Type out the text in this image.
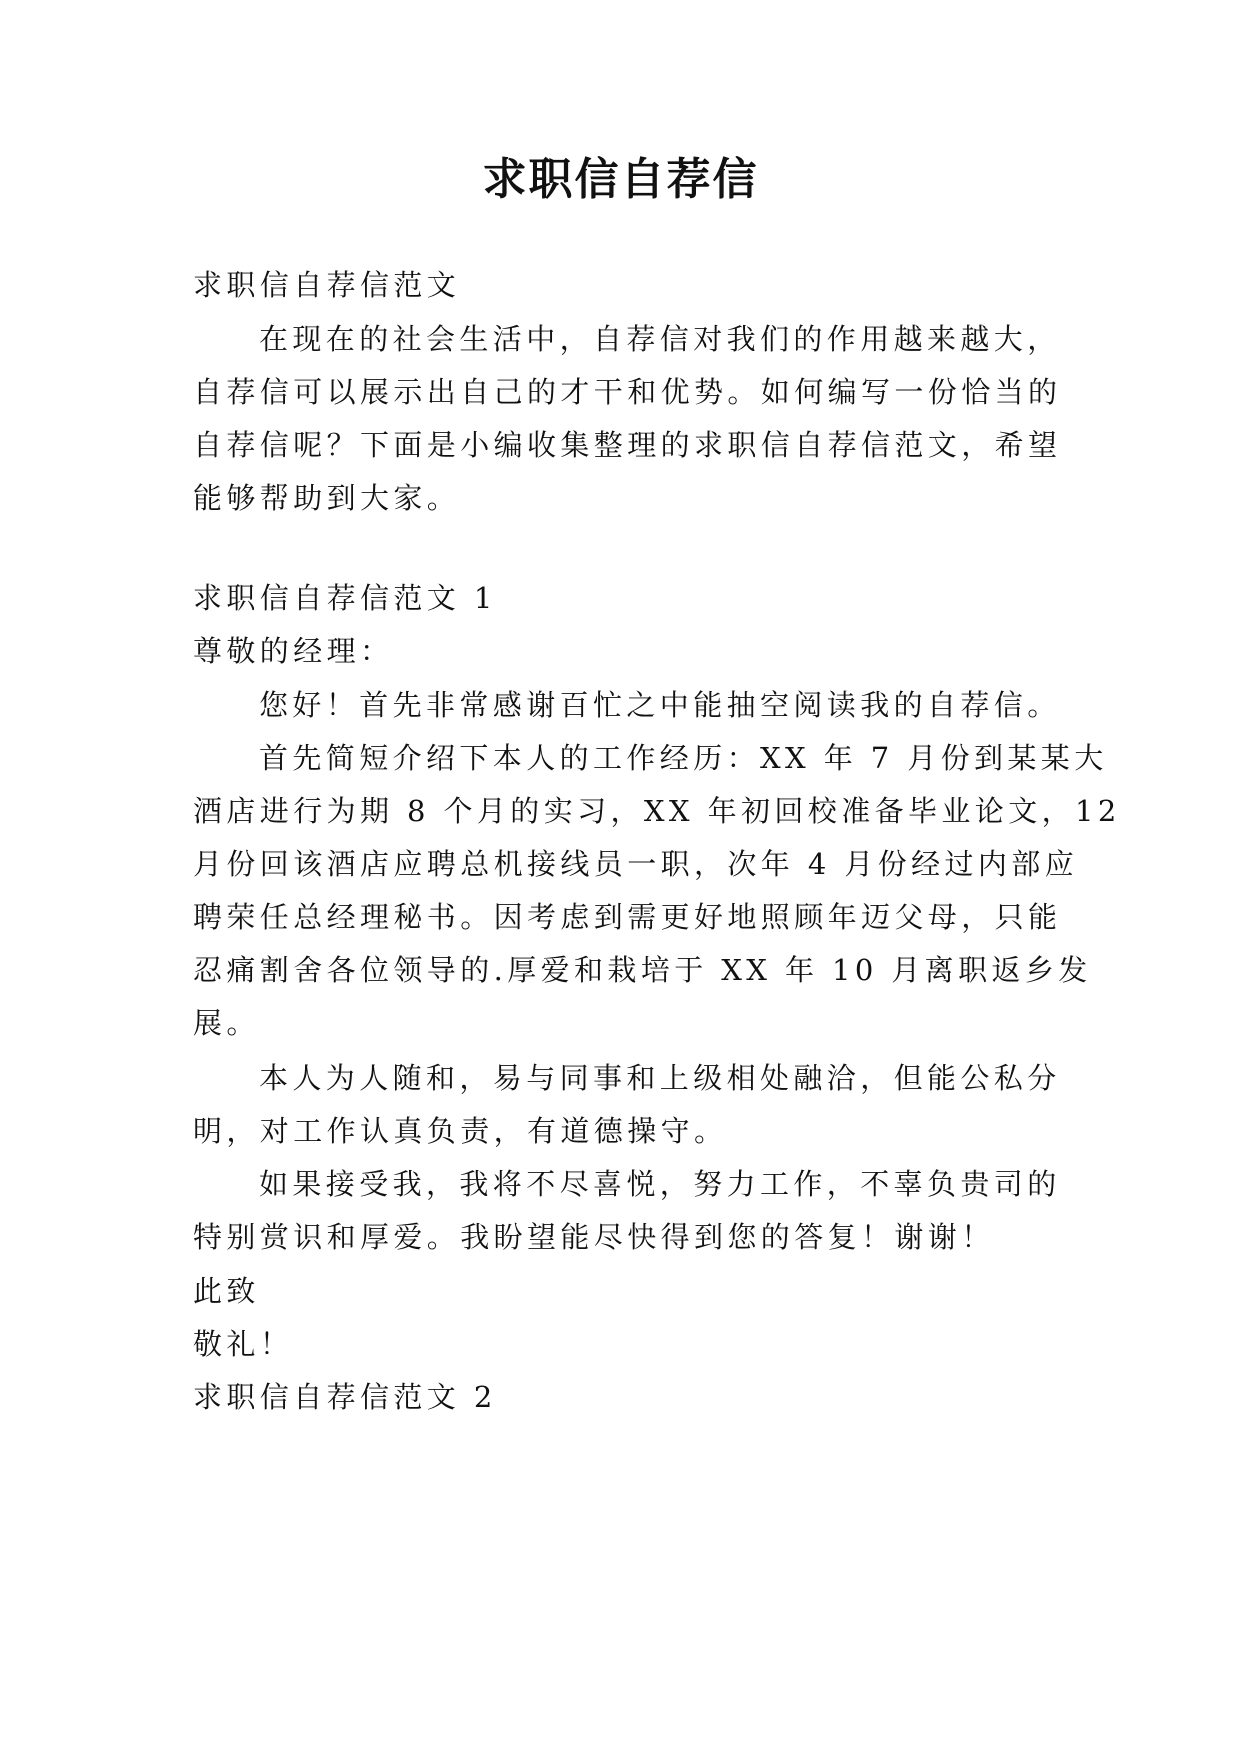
求职信自荐信

求职信自荐信范文

在现在的社会生活中，自荐信对我们的作用越来越大，

自荐信可以展示出自己的才干和优势。如何编写一份恰当的

自荐信呢？下面是小编收集整理的求职信自荐信范文，希望

能够帮助到大家。

求职信自荐信范文 1

尊敬的经理：

您好！首先非常感谢百忙之中能抽空阅读我的自荐信。

首先简短介绍下本人的工作经历：XX 年 7 月份到某某大

酒店进行为期 8 个月的实习，XX 年初回校准备毕业论文，12

月份回该酒店应聘总机接线员一职，次年 4 月份经过内部应

聘荣任总经理秘书。因考虑到需更好地照顾年迈父母，只能

忍痛割舍各位领导的.厚爱和栽培于 XX 年 10 月离职返乡发

展。

本人为人随和，易与同事和上级相处融洽，但能公私分

明，对工作认真负责，有道德操守。

如果接受我，我将不尽喜悦，努力工作，不辜负贵司的

特别赏识和厚爱。我盼望能尽快得到您的答复！谢谢！

此致

敬礼！

求职信自荐信范文 2
